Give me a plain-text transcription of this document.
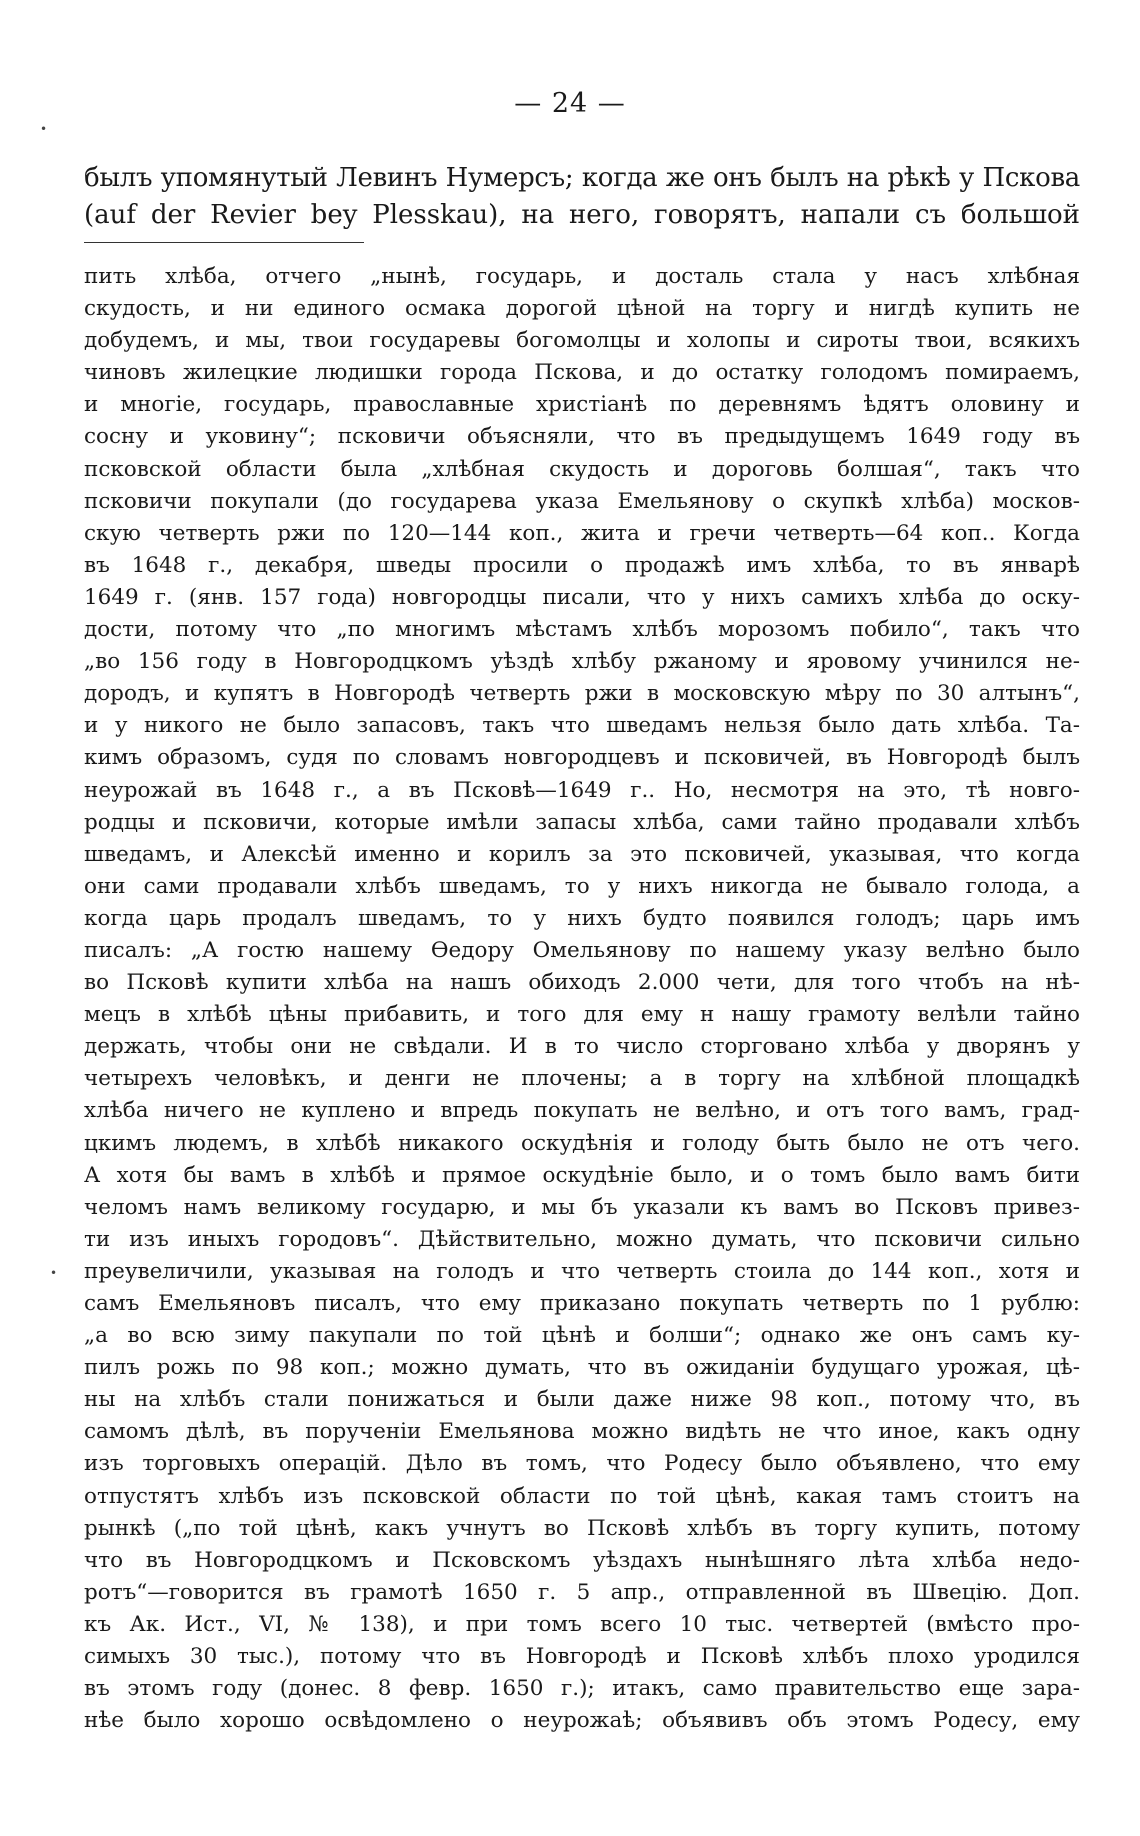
— 24 —
былъ упомянутый Левинъ Нумерсъ; когда же онъ былъ на рѣкѣ у Пскова
(auf der Revier bey Plesskau), на него, говорятъ, напали съ большой
пить хлѣба, отчего „нынѣ, государь, и досталь стала у насъ хлѣбная
скудость, и ни единого осмака дорогой цѣной на торгу и нигдѣ купить не
добудемъ, и мы, твои государевы богомолцы и холопы и сироты твои, всякихъ
чиновъ жилецкие людишки города Пскова, и до остатку голодомъ помираемъ,
и многіе, государь, православные христіанѣ по деревнямъ ѣдятъ оловину и
сосну и уковину“; псковичи объясняли, что въ предыдущемъ 1649 году въ
псковской области была „хлѣбная скудость и дороговь болшая“, такъ что
псковичи покупали (до государева указа Емельянову о скупкѣ хлѣба) москов-
скую четверть ржи по 120—144 коп., жита и гречи четверть—64 коп.. Когда
въ 1648 г., декабря, шведы просили о продажѣ имъ хлѣба, то въ январѣ
1649 г. (янв. 157 года) новгородцы писали, что у нихъ самихъ хлѣба до оску-
дости, потому что „по многимъ мѣстамъ хлѣбъ морозомъ побило“, такъ что
„во 156 году в Новгородцкомъ уѣздѣ хлѣбу ржаному и яровому учинился не-
дородъ, и купятъ в Новгородѣ четверть ржи в московскую мѣру по 30 алтынъ“,
и у никого не было запасовъ, такъ что шведамъ нельзя было дать хлѣба. Та-
кимъ образомъ, судя по словамъ новгородцевъ и псковичей, въ Новгородѣ былъ
неурожай въ 1648 г., а въ Псковѣ—1649 г.. Но, несмотря на это, тѣ новго-
родцы и псковичи, которые имѣли запасы хлѣба, сами тайно продавали хлѣбъ
шведамъ, и Алексѣй именно и корилъ за это псковичей, указывая, что когда
они сами продавали хлѣбъ шведамъ, то у нихъ никогда не бывало голода, а
когда царь продалъ шведамъ, то у нихъ будто появился голодъ; царь имъ
писалъ: „А гостю нашему Ѳедору Омельянову по нашему указу велѣно было
во Псковѣ купити хлѣба на нашъ обиходъ 2.000 чети, для того чтобъ на нѣ-
мецъ в хлѣбѣ цѣны прибавить, и того для ему н нашу грамоту велѣли тайно
держать, чтобы они не свѣдали. И в то число сторговано хлѣба у дворянъ у
четырехъ человѣкъ, и денги не плочены; а в торгу на хлѣбной площадкѣ
хлѣба ничего не куплено и впредь покупать не велѣно, и отъ того вамъ, град-
цкимъ людемъ, в хлѣбѣ никакого оскудѣнія и голоду быть было не отъ чего.
А хотя бы вамъ в хлѣбѣ и прямое оскудѣніе было, и о томъ было вамъ бити
челомъ намъ великому государю, и мы бъ указали къ вамъ во Псковъ привез-
ти изъ иныхъ городовъ“. Дѣйствительно, можно думать, что псковичи сильно
преувеличили, указывая на голодъ и что четверть стоила до 144 коп., хотя и
самъ Емельяновъ писалъ, что ему приказано покупать четверть по 1 рублю:
„а во всю зиму пакупали по той цѣнѣ и болши“; однако же онъ самъ ку-
пилъ рожь по 98 коп.; можно думать, что въ ожиданіи будущаго урожая, цѣ-
ны на хлѣбъ стали понижаться и были даже ниже 98 коп., потому что, въ
самомъ дѣлѣ, въ порученіи Емельянова можно видѣть не что иное, какъ одну
изъ торговыхъ операцій. Дѣло въ томъ, что Родесу было объявлено, что ему
отпустятъ хлѣбъ изъ псковской области по той цѣнѣ, какая тамъ стоитъ на
рынкѣ („по той цѣнѣ, какъ учнутъ во Псковѣ хлѣбъ въ торгу купить, потому
что въ Новгородцкомъ и Псковскомъ уѣздахъ нынѣшняго лѣта хлѣба недо-
ротъ“—говорится въ грамотѣ 1650 г. 5 апр., отправленной въ Швецію. Доп.
къ Ак. Ист., VI, № 138), и при томъ всего 10 тыс. четвертей (вмѣсто про-
симыхъ 30 тыс.), потому что въ Новгородѣ и Псковѣ хлѣбъ плохо уродился
въ этомъ году (донес. 8 февр. 1650 г.); итакъ, само правительство еще зара-
нѣе было хорошо освѣдомлено о неурожаѣ; объявивъ объ этомъ Родесу, ему
•
•
